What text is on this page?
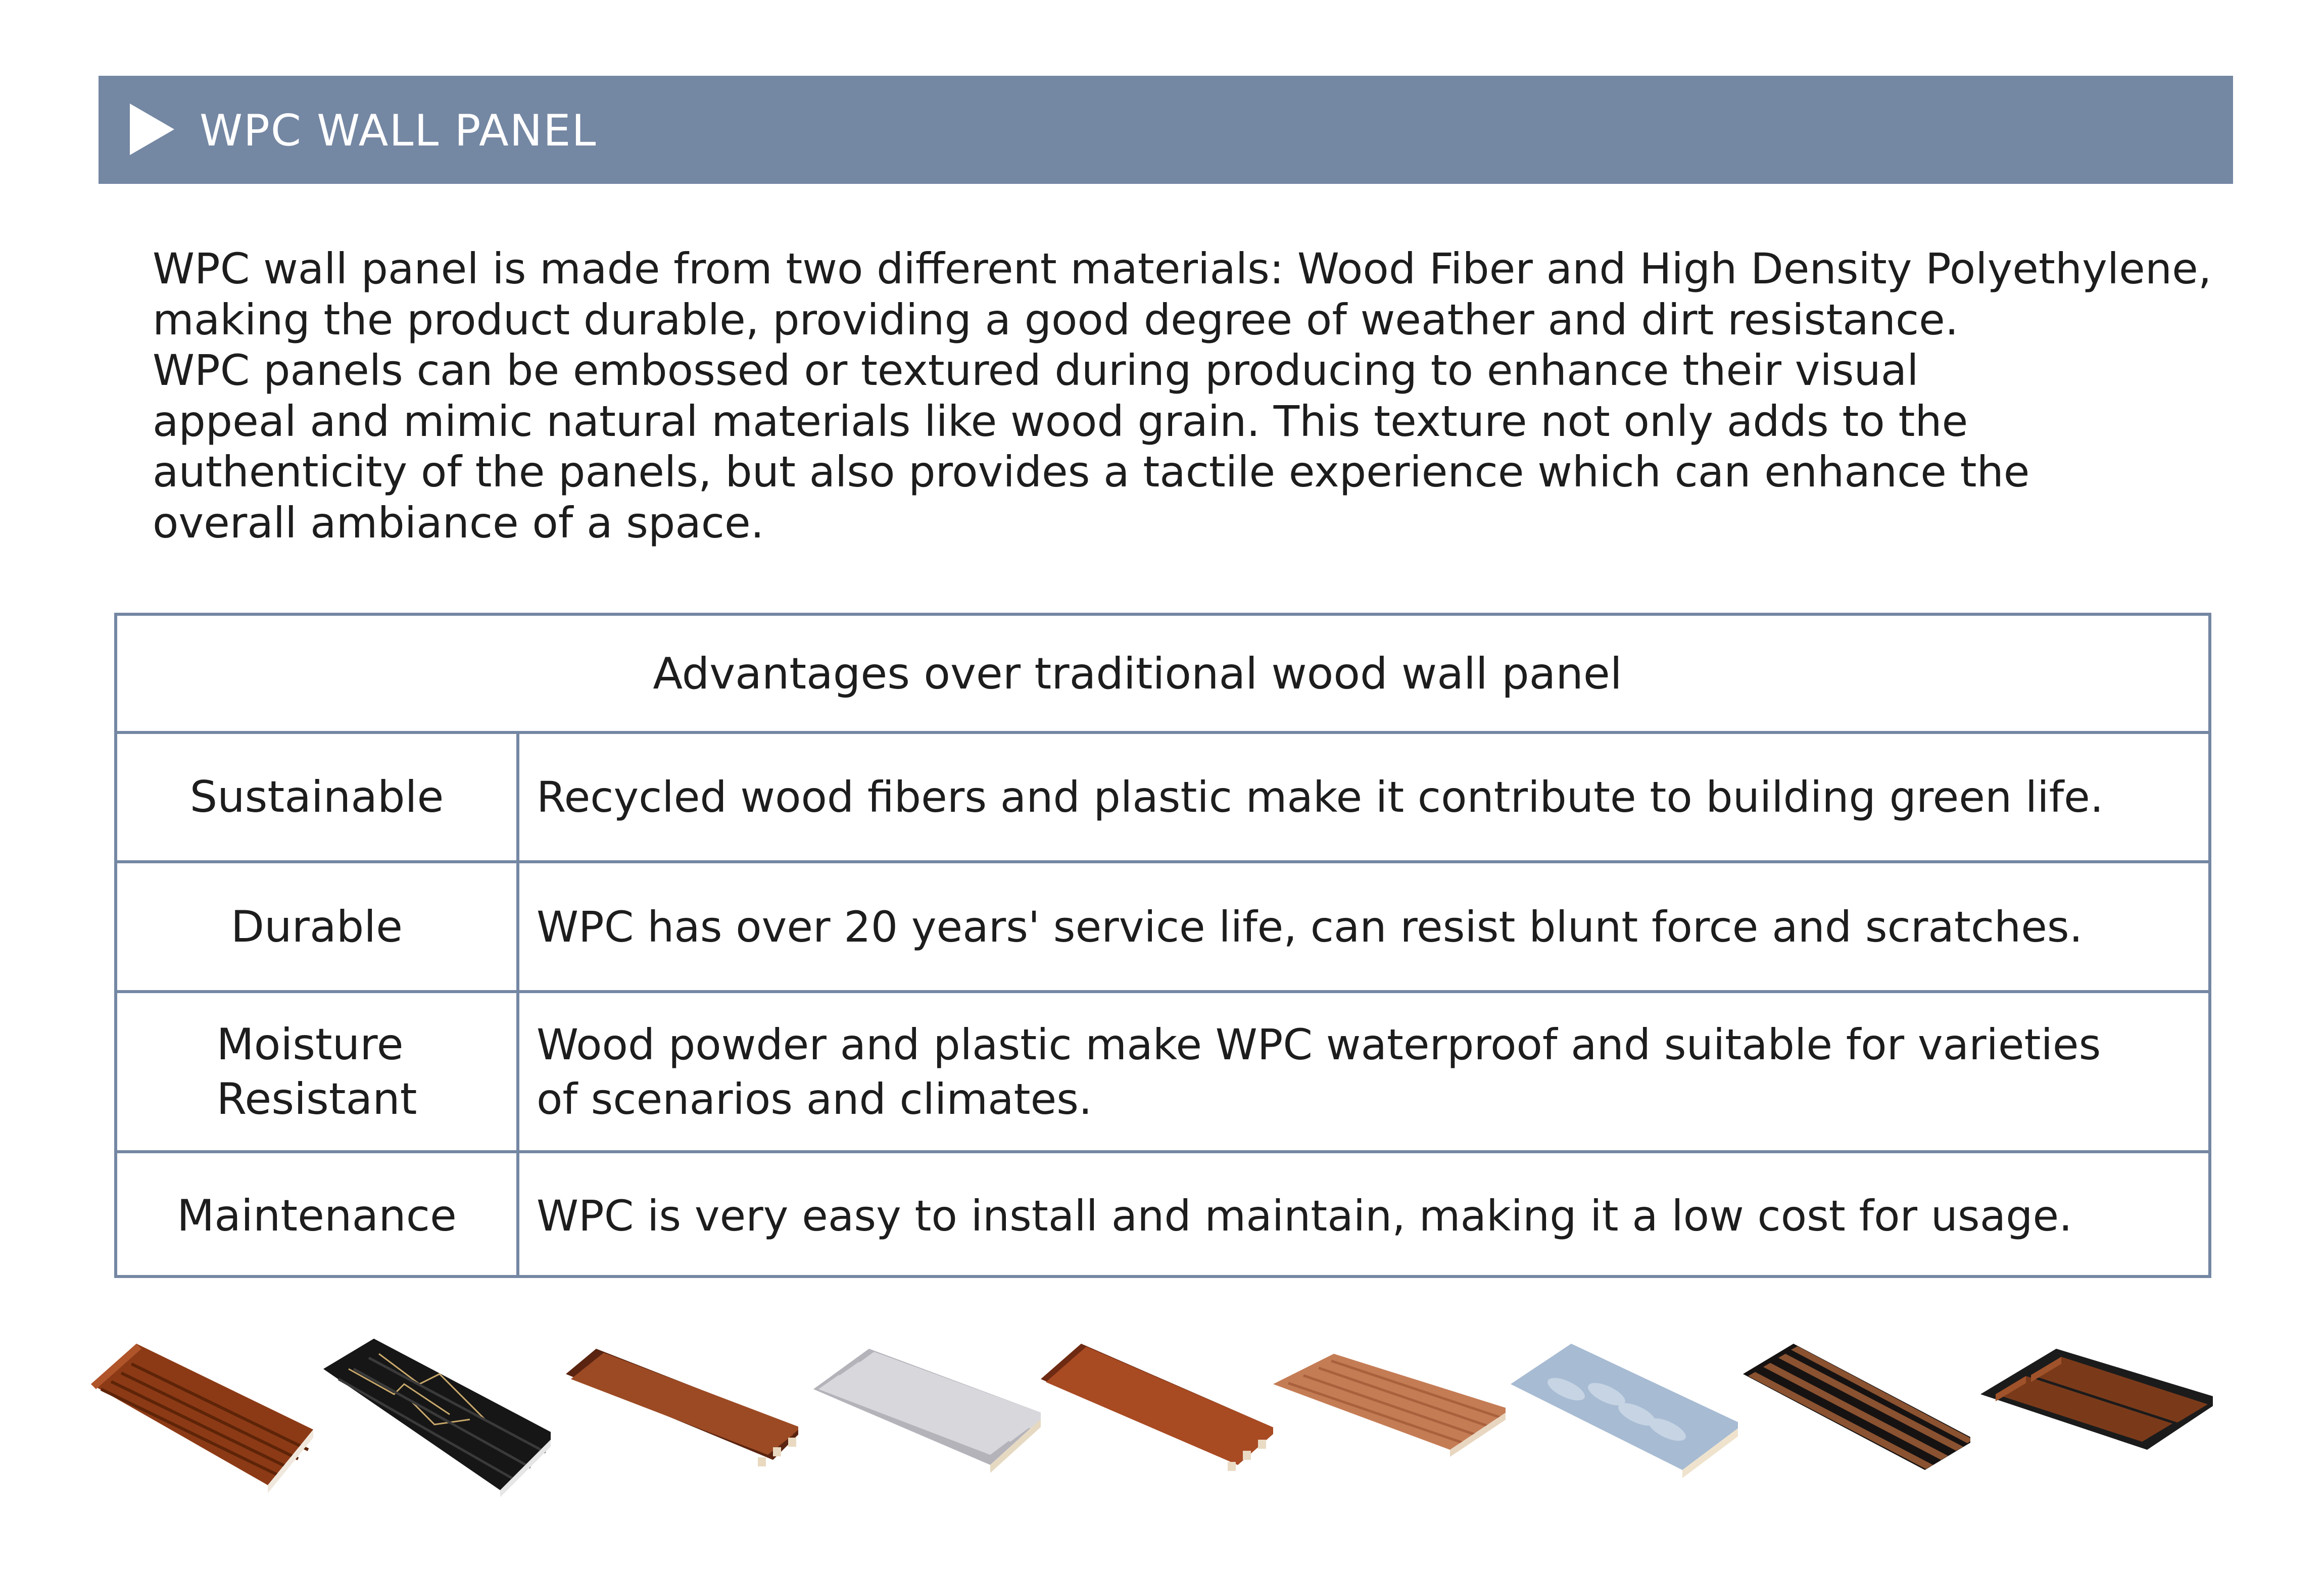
WPC WALL PANEL

WPC wall panel is made from two different materials: Wood Fiber and High Density Polyethylene,

making the product durable, providing a good degree of weather and dirt resistance.

WPC panels can be embossed or textured during producing to enhance their visual

appeal and mimic natural materials like wood grain. This texture not only adds to the

authenticity of the panels, but also provides a tactile experience which can enhance the

overall ambiance of a space.

Advantages over traditional wood wall panel
Sustainable Recycled wood fibers and plastic make it contribute to building green life.
Durable	WPC has over 20 years' service life, can resist blunt force and scratches.
Moisture
Resistant
Wood powder and plastic make WPC waterproof and suitable for varieties
of scenarios and climates.
Maintenance WPC is very easy to install and maintain, making it a low cost for usage.
